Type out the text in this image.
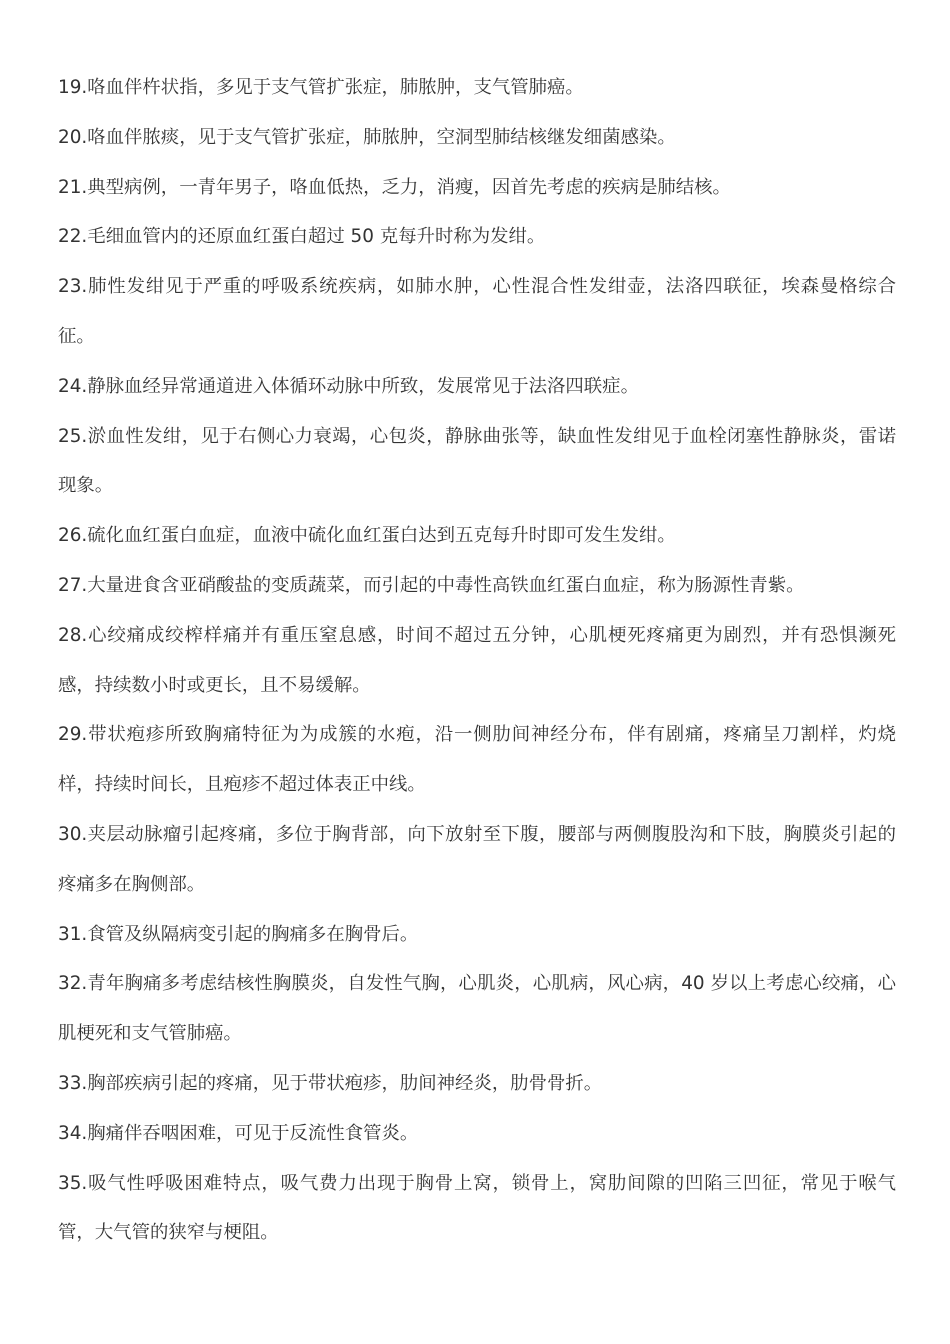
19.咯血伴杵状指，多见于支气管扩张症，肺脓肿，支气管肺癌。

20.咯血伴脓痰，见于支气管扩张症，肺脓肿，空洞型肺结核继发细菌感染。

21.典型病例，一青年男子，咯血低热，乏力，消瘦，因首先考虑的疾病是肺结核。

22.毛细血管内的还原血红蛋白超过 50 克每升时称为发绀。

23.肺性发绀见于严重的呼吸系统疾病，如肺水肿，心性混合性发绀壶，法洛四联征，埃森曼格综合征。

24.静脉血经异常通道进入体循环动脉中所致，发展常见于法洛四联症。

25.淤血性发绀，见于右侧心力衰竭，心包炎，静脉曲张等，缺血性发绀见于血栓闭塞性静脉炎，雷诺现象。

26.硫化血红蛋白血症，血液中硫化血红蛋白达到五克每升时即可发生发绀。

27.大量进食含亚硝酸盐的变质蔬菜，而引起的中毒性高铁血红蛋白血症，称为肠源性青紫。

28.心绞痛成绞榨样痛并有重压窒息感，时间不超过五分钟，心肌梗死疼痛更为剧烈，并有恐惧濒死感，持续数小时或更长，且不易缓解。

29.带状疱疹所致胸痛特征为为成簇的水疱，沿一侧肋间神经分布，伴有剧痛，疼痛呈刀割样，灼烧样，持续时间长，且疱疹不超过体表正中线。

30.夹层动脉瘤引起疼痛，多位于胸背部，向下放射至下腹，腰部与两侧腹股沟和下肢，胸膜炎引起的疼痛多在胸侧部。

31.食管及纵隔病变引起的胸痛多在胸骨后。

32.青年胸痛多考虑结核性胸膜炎，自发性气胸，心肌炎，心肌病，风心病，40 岁以上考虑心绞痛，心肌梗死和支气管肺癌。

33.胸部疾病引起的疼痛，见于带状疱疹，肋间神经炎，肋骨骨折。

34.胸痛伴吞咽困难，可见于反流性食管炎。

35.吸气性呼吸困难特点，吸气费力出现于胸骨上窝，锁骨上，窝肋间隙的凹陷三凹征，常见于喉气管，大气管的狭窄与梗阻。
